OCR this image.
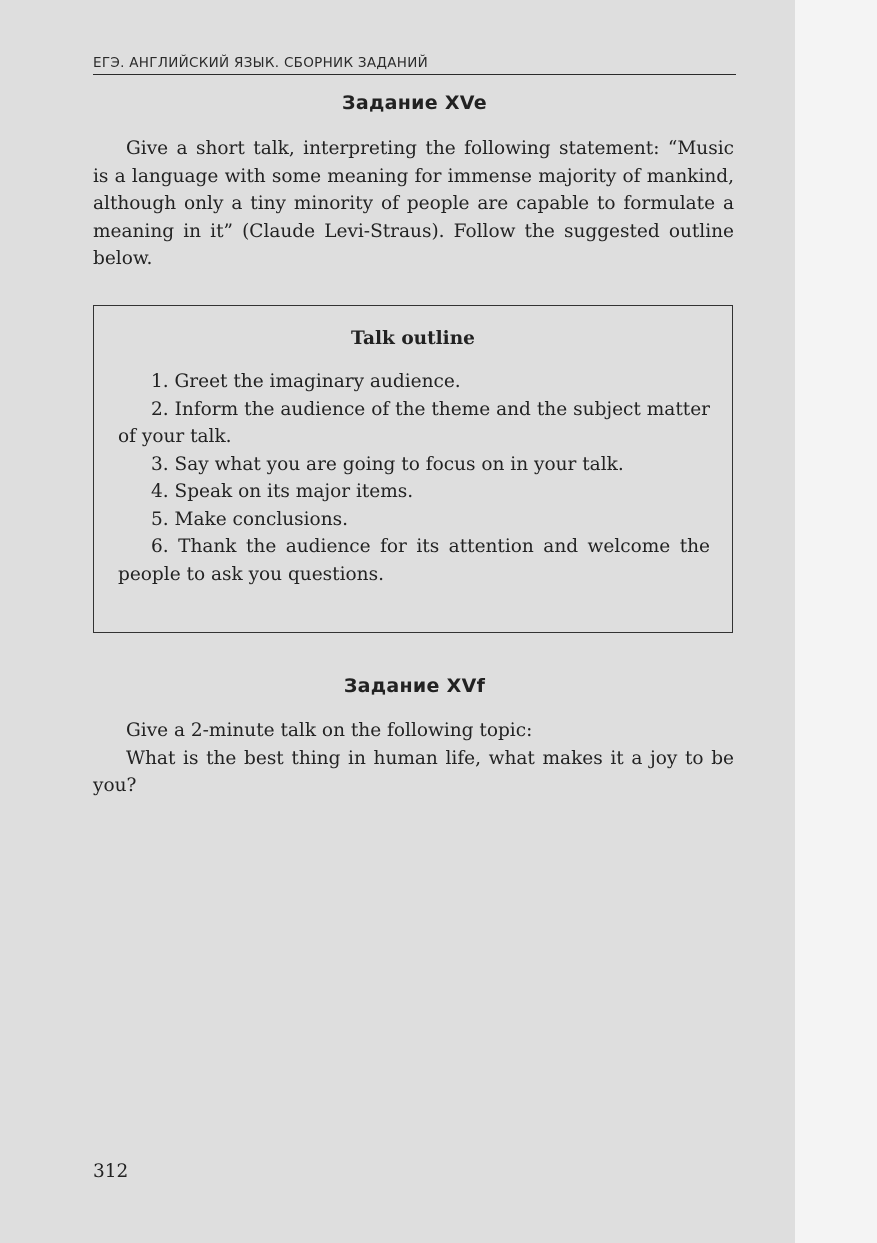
ЕГЭ. АНГЛИЙСКИЙ ЯЗЫК. СБОРНИК ЗАДАНИЙ
Задание XVe

Give a short talk, interpreting the following statement: “Music is a language with some meaning for immense majority of mankind, although only a tiny minority of people are capable to formulate a meaning in it” (Claude Levi-Straus). Follow the suggested outline below.

Talk outline
1. Greet the imaginary audience.
2. Inform the audience of the theme and the subject matter of your talk.
3. Say what you are going to focus on in your talk.
4. Speak on its major items.
5. Make conclusions.
6. Thank the audience for its attention and welcome the people to ask you questions.
Задание XVf

Give a 2-minute talk on the following topic:

What is the best thing in human life, what makes it a joy to be you?

312
